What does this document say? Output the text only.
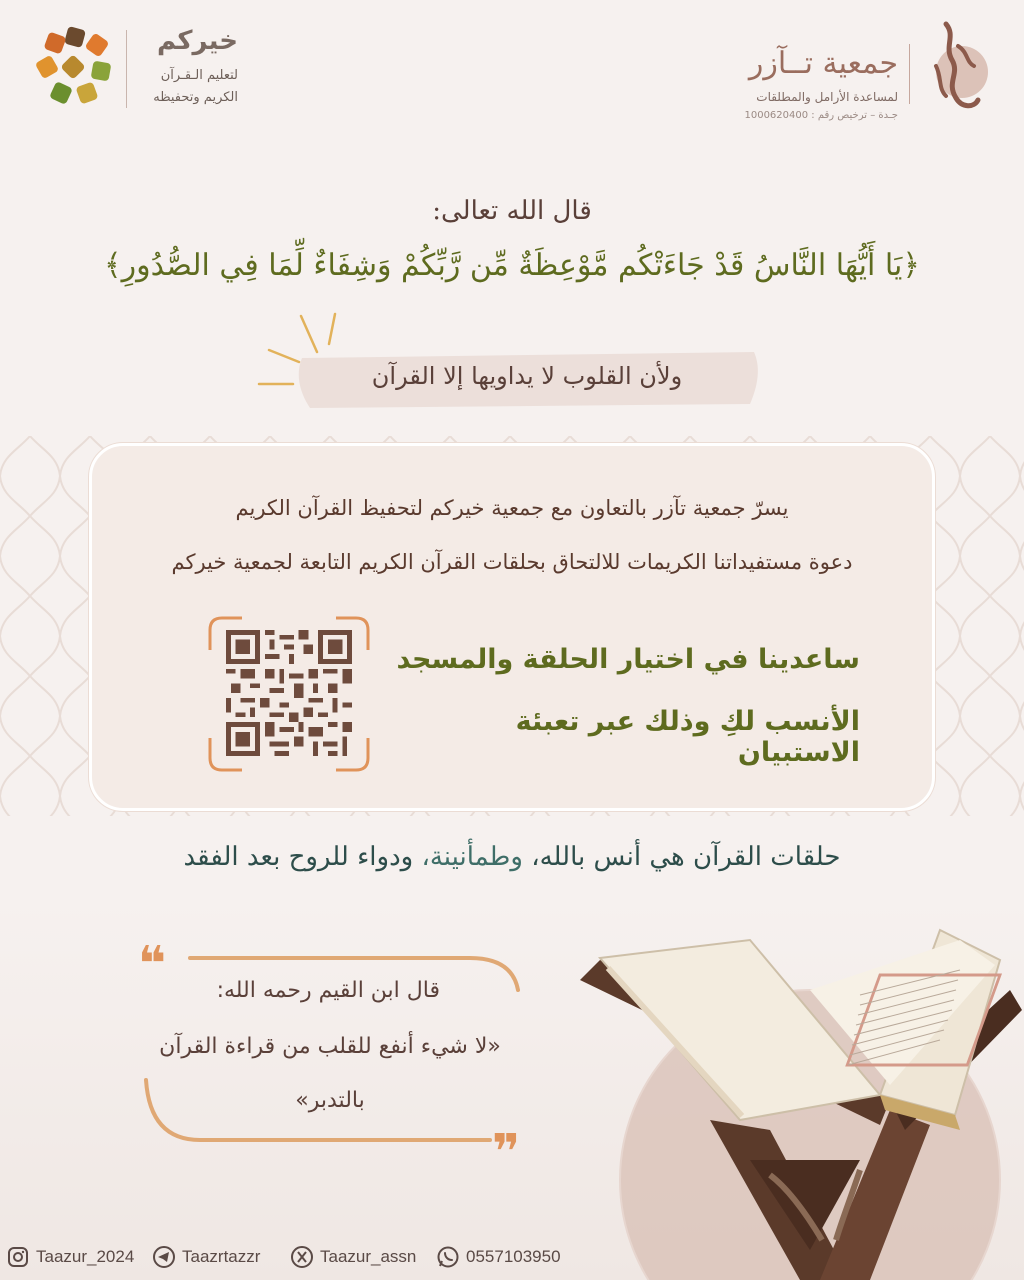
جمعية تــآزر
لمساعدة الأرامل والمطلقات
جـدة – ترخيص رقم : 1000620400
خيركم
لتعليم الـقـرآن
الكريم وتحفيظه
قال الله تعالى:
﴿يَا أَيُّهَا النَّاسُ قَدْ جَاءَتْكُم مَّوْعِظَةٌ مِّن رَّبِّكُمْ وَشِفَاءٌ لِّمَا فِي الصُّدُورِ﴾
ولأن القلوب لا يداويها إلا القرآن
يسرّ جمعية تآزر بالتعاون مع جمعية خيركم لتحفيظ القرآن الكريم
دعوة مستفيداتنا الكريمات للالتحاق بحلقات القرآن الكريم التابعة لجمعية خيركم
ساعدينا في اختيار الحلقة والمسجد
الأنسب لكِ وذلك عبر تعبئة الاستبيان
حلقات القرآن هي أنس بالله، وطمأنينة، ودواء للروح بعد الفقد
❝
❞
قال ابن القيم رحمه الله:
«لا شيء أنفع للقلب من قراءة القرآن
بالتدبر»
Taazur_2024	Taazrtazzr	Taazur_assn	0557103950
